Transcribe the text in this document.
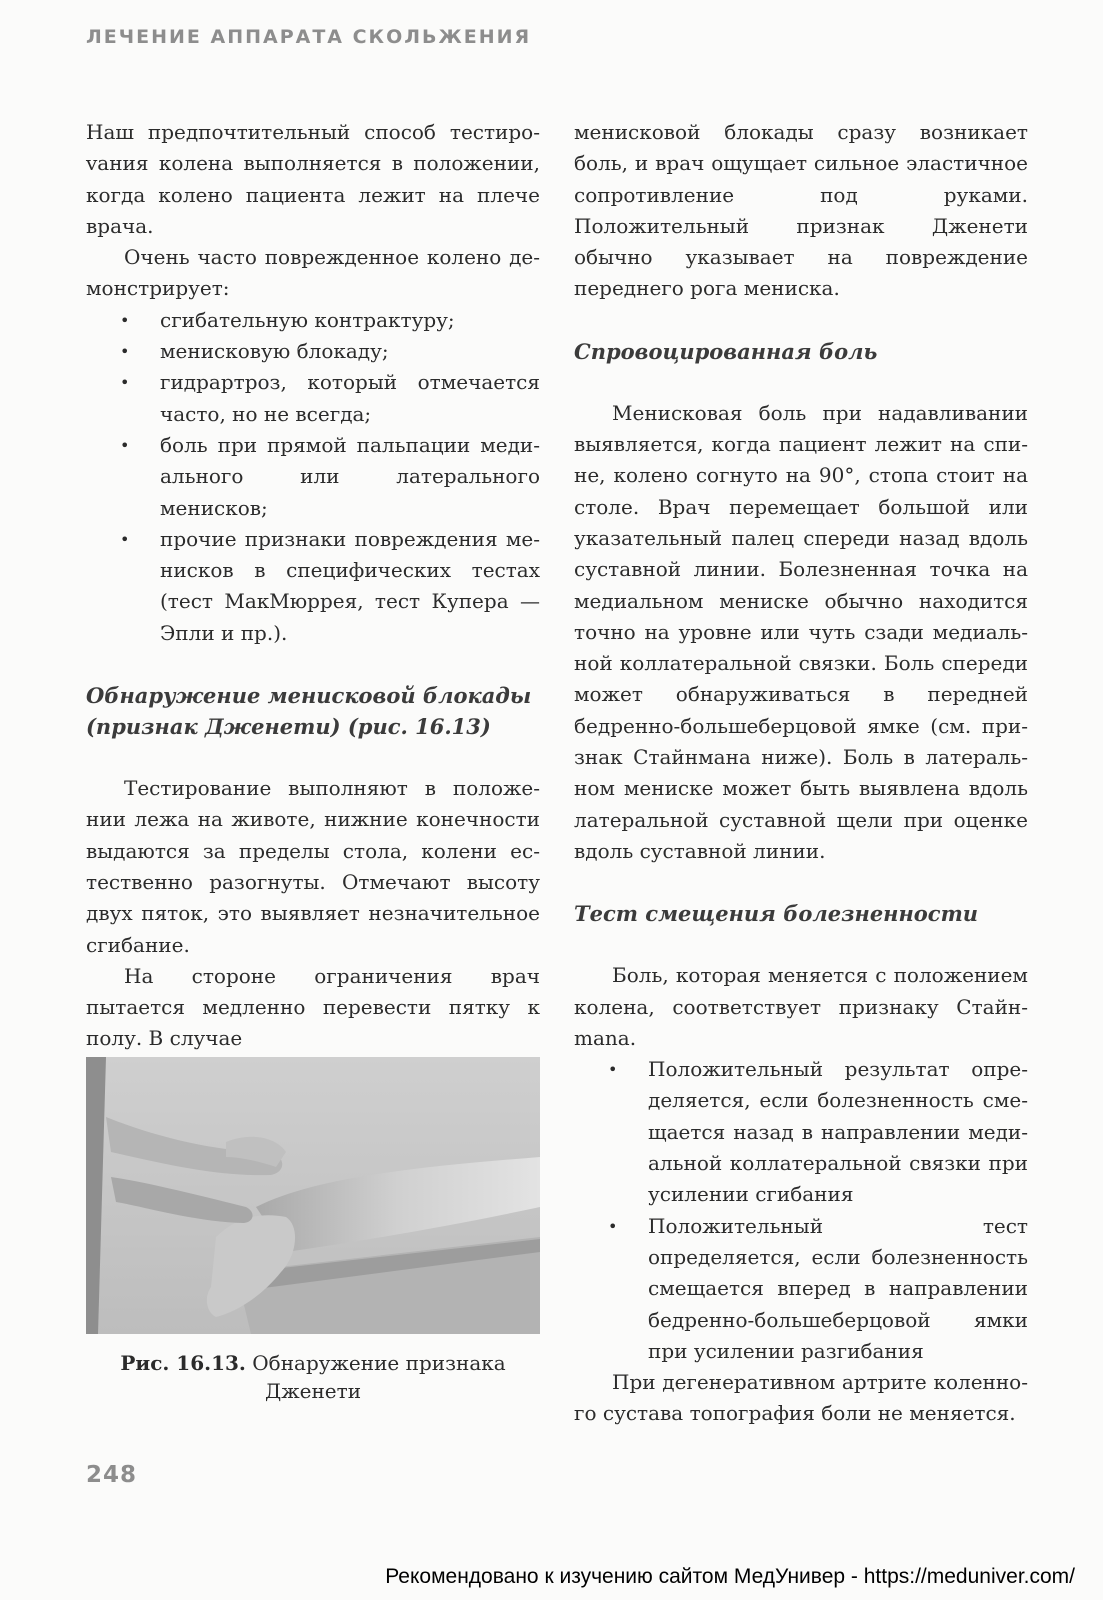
ЛЕЧЕНИЕ АППАРАТА СКОЛЬЖЕНИЯ

Наш предпочтительный способ тестироvания колена выполняется в положении, когда колено пациента лежит на плече врача.

Очень часто поврежденное колено демонстрирует:

• сгибательную контрактуру;
• менисковую блокаду;
• гидрартроз, который отмечается часто, но не всегда;
• боль при прямой пальпации медиального или латерального менисков;
• прочие признаки повреждения менисков в специфических тестах (тест МакМюррея, тест Купера — Эпли и пр.).
Обнаружение менисковой блокады (признак Дженети) (рис. 16.13)

Тестирование выполняют в положении лежа на животе, нижние конечности выдаются за пределы стола, колени естественно разогнуты. Отмечают высоту двух пяток, это выявляет незначительное сгибание.

На стороне ограничения врач пытается медленно перевести пятку к полу. В случае

Рис. 16.13. Обнаружение признака Дженети

менисковой блокады сразу возникает боль, и врач ощущает сильное эластичное сопротивление под руками. Положительный признак Дженети обычно указывает на повреждение переднего рога мениска.

Спровоцированная боль

Менисковая боль при надавливании выявляется, когда пациент лежит на спине, колено согнуто на 90°, стопа стоит на столе. Врач перемещает большой или указательный палец спереди назад вдоль суставной линии. Болезненная точка на медиальном мениске обычно находится точно на уровне или чуть сзади медиальной коллатеральной связки. Боль спереди может обнаруживаться в передней бедренно-большеберцовой ямке (см. признак Стайнмана ниже). Боль в латеральном мениске может быть выявлена вдоль латеральной суставной щели при оценке вдоль суставной линии.

Тест смещения болезненности

Боль, которая меняется с положением колена, соответствует признаку Стайнmana.

• Положительный результат определяется, если болезненность смещается назад в направлении медиальной коллатеральной связки при усилении сгибания
• Положительный тест определяется, если болезненность смещается вперед в направлении бедренно-большеберцовой ямки при усилении разгибания

При дегенеративном артрите коленного сустава топография боли не меняется.

248
Рекомендовано к изучению сайтом МедУнивер - https://meduniver.com/
